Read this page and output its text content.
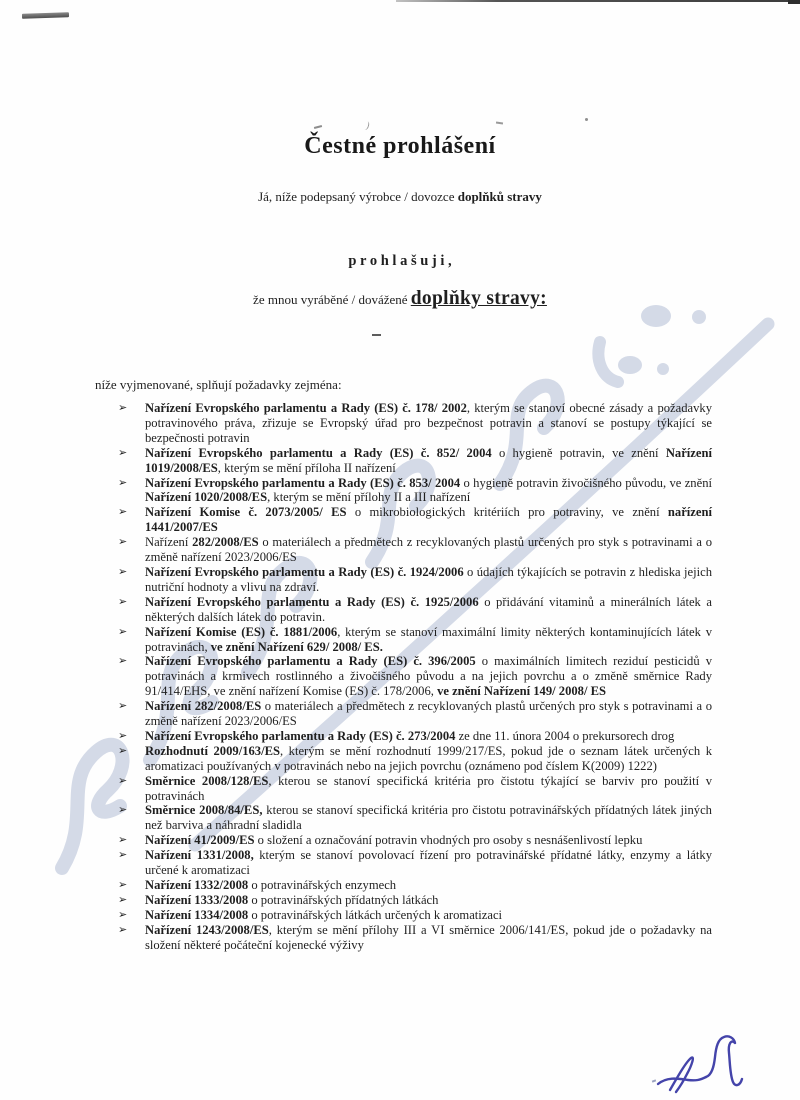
Čestné prohlášení

Já, níže podepsaný výrobce / dovozce doplňků stravy

p r o h l a š u j i ,

že mnou vyráběné / dovážené doplňky stravy:

níže vyjmenované, splňují požadavky zejména:

➢ Nařízení Evropského parlamentu a Rady (ES) č. 178/ 2002, kterým se stanoví obecné zásady a požadavky potravinového práva, zřizuje se Evropský úřad pro bezpečnost potravin a stanoví se postupy týkající se bezpečnosti potravin
➢ Nařízení Evropského parlamentu a Rady (ES) č. 852/ 2004 o hygieně potravin, ve znění Nařízení 1019/2008/ES, kterým se mění příloha II nařízení
➢ Nařízení Evropského parlamentu a Rady (ES) č. 853/ 2004 o hygieně potravin živočišného původu, ve znění Nařízení 1020/2008/ES, kterým se mění přílohy II a III nařízení
➢ Nařízení Komise č. 2073/2005/ ES o mikrobiologických kritériích pro potraviny, ve znění nařízení 1441/2007/ES
➢ Nařízení 282/2008/ES o materiálech a předmětech z recyklovaných plastů určených pro styk s potravinami a o změně nařízení 2023/2006/ES
➢ Nařízení Evropského parlamentu a Rady (ES) č. 1924/2006 o údajích týkajících se potravin z hlediska jejich nutriční hodnoty a vlivu na zdraví.
➢ Nařízení Evropského parlamentu a Rady (ES) č. 1925/2006 o přidávání vitaminů a minerálních látek a některých dalších látek do potravin.
➢ Nařízení Komise (ES) č. 1881/2006, kterým se stanoví maximální limity některých kontaminujících látek v potravinách, ve znění Nařízení 629/ 2008/ ES.
➢ Nařízení Evropského parlamentu a Rady (ES) č. 396/2005 o maximálních limitech reziduí pesticidů v potravinách a krmivech rostlinného a živočišného původu a na jejich povrchu a o změně směrnice Rady 91/414/EHS, ve znění nařízení Komise (ES) č. 178/2006, ve znění Nařízení 149/ 2008/ ES
➢ Nařízení 282/2008/ES o materiálech a předmětech z recyklovaných plastů určených pro styk s potravinami a o změně nařízení 2023/2006/ES
➢ Nařízení Evropského parlamentu a Rady (ES) č. 273/2004 ze dne 11. února 2004 o prekursorech drog
➢ Rozhodnutí 2009/163/ES, kterým se mění rozhodnutí 1999/217/ES, pokud jde o seznam látek určených k aromatizaci používaných v potravinách nebo na jejich povrchu (oznámeno pod číslem K(2009) 1222)
➢ Směrnice 2008/128/ES, kterou se stanoví specifická kritéria pro čistotu týkající se barviv pro použití v potravinách
➢ Směrnice 2008/84/ES, kterou se stanoví specifická kritéria pro čistotu potravinářských přídatných látek jiných než barviva a náhradní sladidla
➢ Nařízení 41/2009/ES o složení a označování potravin vhodných pro osoby s nesnášenlivostí lepku
➢ Nařízení 1331/2008, kterým se stanoví povolovací řízení pro potravinářské přídatné látky, enzymy a látky určené k aromatizaci
➢ Nařízení 1332/2008 o potravinářských enzymech
➢ Nařízení 1333/2008 o potravinářských přídatných látkách
➢ Nařízení 1334/2008 o potravinářských látkách určených k aromatizaci
➢ Nařízení 1243/2008/ES, kterým se mění přílohy III a VI směrnice 2006/141/ES, pokud jde o požadavky na složení některé počáteční kojenecké výživy
